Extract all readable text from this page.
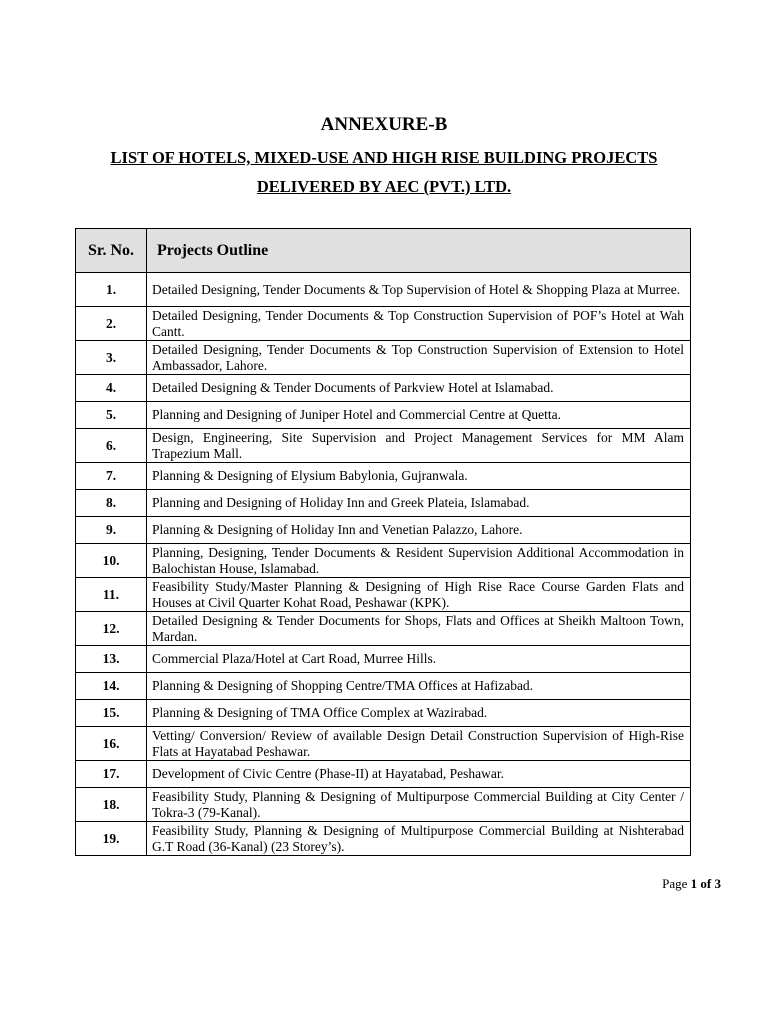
ANNEXURE-B
LIST OF HOTELS, MIXED-USE AND HIGH RISE BUILDING PROJECTS
DELIVERED BY AEC (PVT.) LTD.
Sr. No.	Projects Outline
1.	Detailed Designing, Tender Documents & Top Supervision of Hotel & Shopping Plaza at Murree.
2.	Detailed Designing, Tender Documents & Top Construction Supervision of POF’s Hotel at Wah Cantt.
3.	Detailed Designing, Tender Documents & Top Construction Supervision of Extension to Hotel Ambassador, Lahore.
4.	Detailed Designing & Tender Documents of Parkview Hotel at Islamabad.
5.	Planning and Designing of Juniper Hotel and Commercial Centre at Quetta.
6.	Design, Engineering, Site Supervision and Project Management Services for MM Alam Trapezium Mall.
7.	Planning & Designing of Elysium Babylonia, Gujranwala.
8.	Planning and Designing of Holiday Inn and Greek Plateia, Islamabad.
9.	Planning & Designing of Holiday Inn and Venetian Palazzo, Lahore.
10.	Planning, Designing, Tender Documents & Resident Supervision Additional Accommodation in Balochistan House, Islamabad.
11.	Feasibility Study/Master Planning & Designing of High Rise Race Course Garden Flats and Houses at Civil Quarter Kohat Road, Peshawar (KPK).
12.	Detailed Designing & Tender Documents for Shops, Flats and Offices at Sheikh Maltoon Town, Mardan.
13.	Commercial Plaza/Hotel at Cart Road, Murree Hills.
14.	Planning & Designing of Shopping Centre/TMA Offices at Hafizabad.
15.	Planning & Designing of TMA Office Complex at Wazirabad.
16.	Vetting/ Conversion/ Review of available Design Detail Construction Supervision of High-Rise Flats at Hayatabad Peshawar.
17.	Development of Civic Centre (Phase-II) at Hayatabad, Peshawar.
18.	Feasibility Study, Planning & Designing of Multipurpose Commercial Building at City Center / Tokra-3 (79-Kanal).
19.	Feasibility Study, Planning & Designing of Multipurpose Commercial Building at Nishterabad G.T Road (36-Kanal) (23 Storey’s).
Page 1 of 3
